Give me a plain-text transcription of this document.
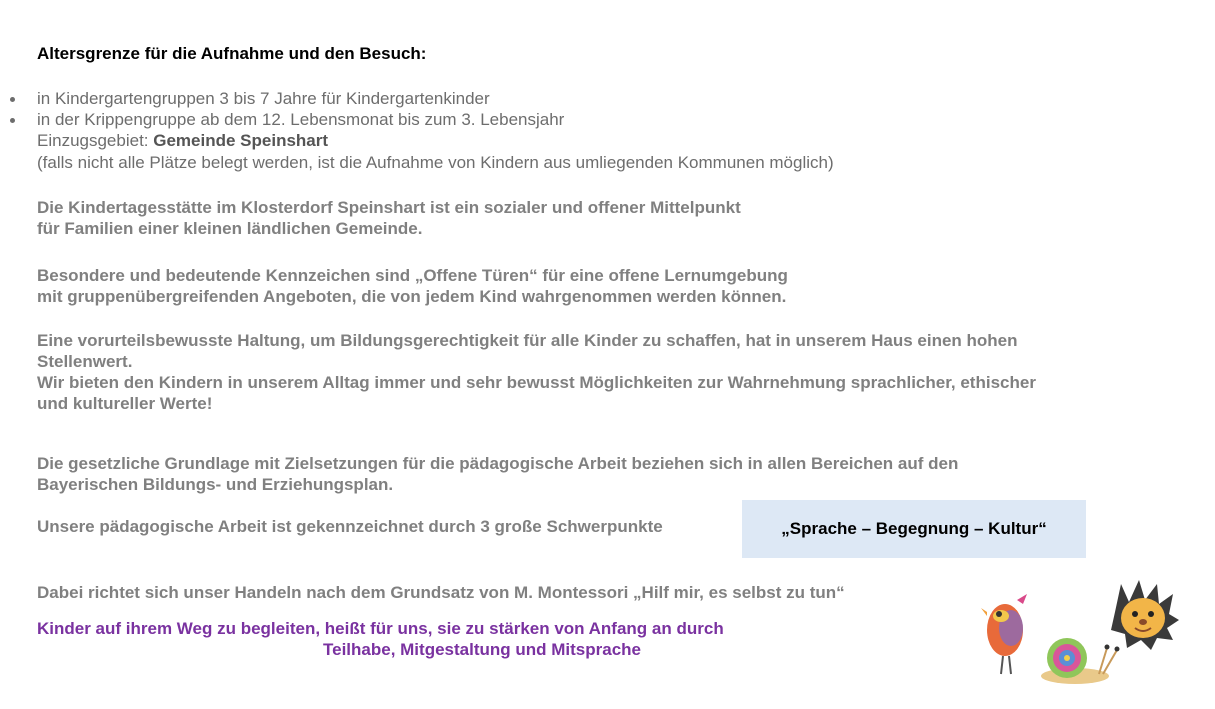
Altersgrenze für die Aufnahme und den Besuch:
in Kindergartengruppen 3 bis 7 Jahre für Kindergartenkinder
in der Krippengruppe ab dem 12. Lebensmonat bis zum 3. Lebensjahr
Einzugsgebiet: Gemeinde Speinshart
(falls nicht alle Plätze belegt werden, ist die Aufnahme von Kindern aus umliegenden Kommunen möglich)
Die Kindertagesstätte im Klosterdorf Speinshart ist ein sozialer und offener Mittelpunkt
für Familien einer kleinen ländlichen Gemeinde.
Besondere und bedeutende Kennzeichen sind „Offene Türen“ für eine offene Lernumgebung
mit gruppenübergreifenden Angeboten, die von jedem Kind wahrgenommen werden können.
Eine vorurteilsbewusste Haltung, um Bildungsgerechtigkeit für alle Kinder zu schaffen, hat in unserem Haus einen hohen
Stellenwert.
Wir bieten den Kindern in unserem Alltag immer und sehr bewusst Möglichkeiten zur Wahrnehmung sprachlicher, ethischer
und kultureller Werte!
Die gesetzliche Grundlage mit Zielsetzungen für die pädagogische Arbeit beziehen sich in allen Bereichen auf den
Bayerischen Bildungs- und Erziehungsplan.
Unsere pädagogische Arbeit ist gekennzeichnet durch 3 große Schwerpunkte	„Sprache – Begegnung – Kultur“
Dabei richtet sich unser Handeln nach dem Grundsatz von M. Montessori „Hilf mir, es selbst zu tun“
Kinder auf ihrem Weg zu begleiten, heißt für uns, sie zu stärken von Anfang an durch
Teilhabe, Mitgestaltung und Mitsprache
